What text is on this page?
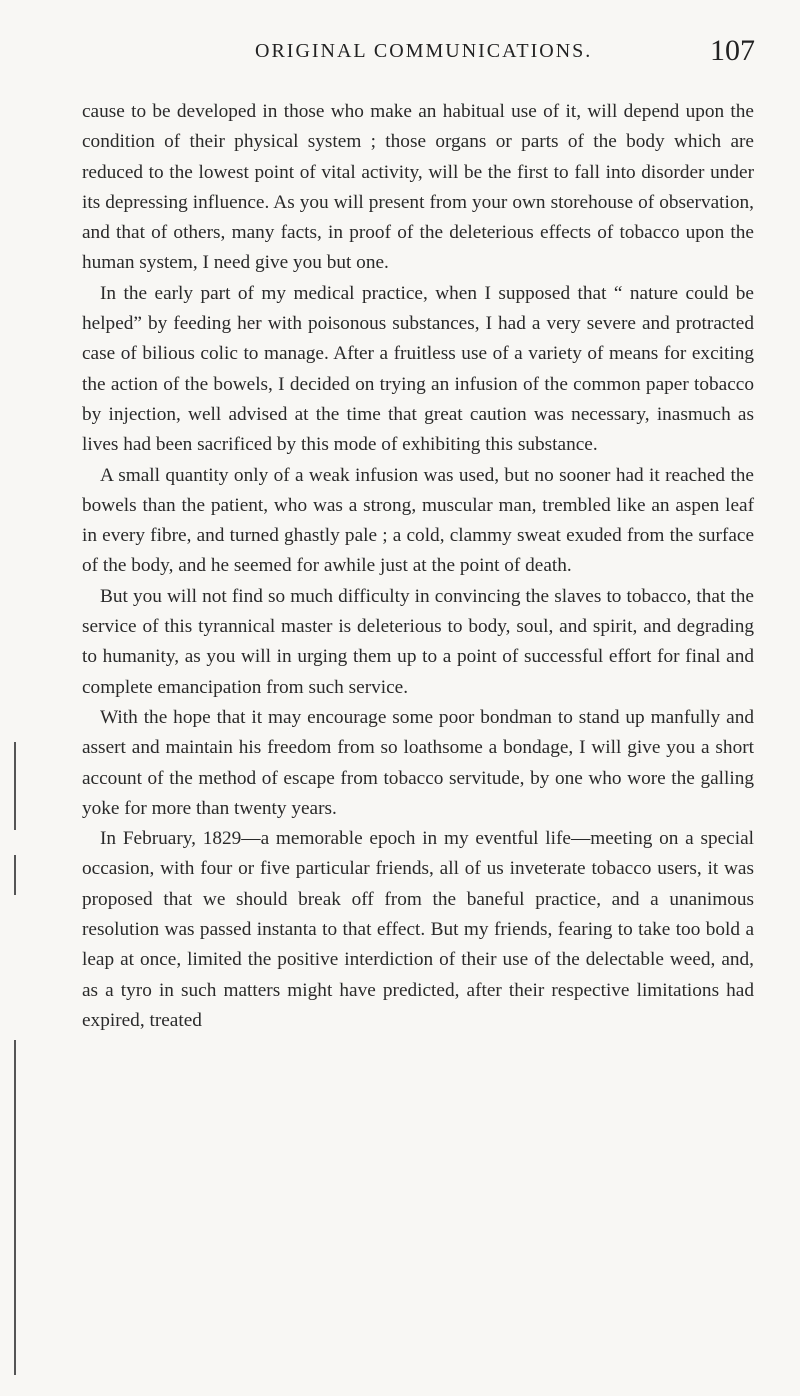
ORIGINAL COMMUNICATIONS.	107

cause to be developed in those who make an habitual use of it, will depend upon the condition of their physical system ; those organs or parts of the body which are reduced to the lowest point of vital activity, will be the first to fall into disorder under its depressing influence. As you will present from your own storehouse of observation, and that of others, many facts, in proof of the deleterious effects of tobacco upon the human system, I need give you but one.

In the early part of my medical practice, when I supposed that “ nature could be helped” by feeding her with poisonous substances, I had a very severe and protracted case of bilious colic to manage. After a fruitless use of a variety of means for exciting the action of the bowels, I decided on trying an infusion of the common paper tobacco by injection, well advised at the time that great caution was necessary, inasmuch as lives had been sacrificed by this mode of exhibiting this substance.

A small quantity only of a weak infusion was used, but no sooner had it reached the bowels than the patient, who was a strong, muscular man, trembled like an aspen leaf in every fibre, and turned ghastly pale ; a cold, clammy sweat exuded from the surface of the body, and he seemed for awhile just at the point of death.

But you will not find so much difficulty in convincing the slaves to tobacco, that the service of this tyrannical master is deleterious to body, soul, and spirit, and degrading to humanity, as you will in urging them up to a point of successful effort for final and complete emancipation from such service.

With the hope that it may encourage some poor bondman to stand up manfully and assert and maintain his freedom from so loathsome a bondage, I will give you a short account of the method of escape from tobacco servitude, by one who wore the galling yoke for more than twenty years.

In February, 1829—a memorable epoch in my eventful life—meeting on a special occasion, with four or five particular friends, all of us inveterate tobacco users, it was proposed that we should break off from the baneful practice, and a unanimous resolution was passed instanta to that effect. But my friends, fearing to take too bold a leap at once, limited the positive interdiction of their use of the delectable weed, and, as a tyro in such matters might have predicted, after their respective limitations had expired, treated
